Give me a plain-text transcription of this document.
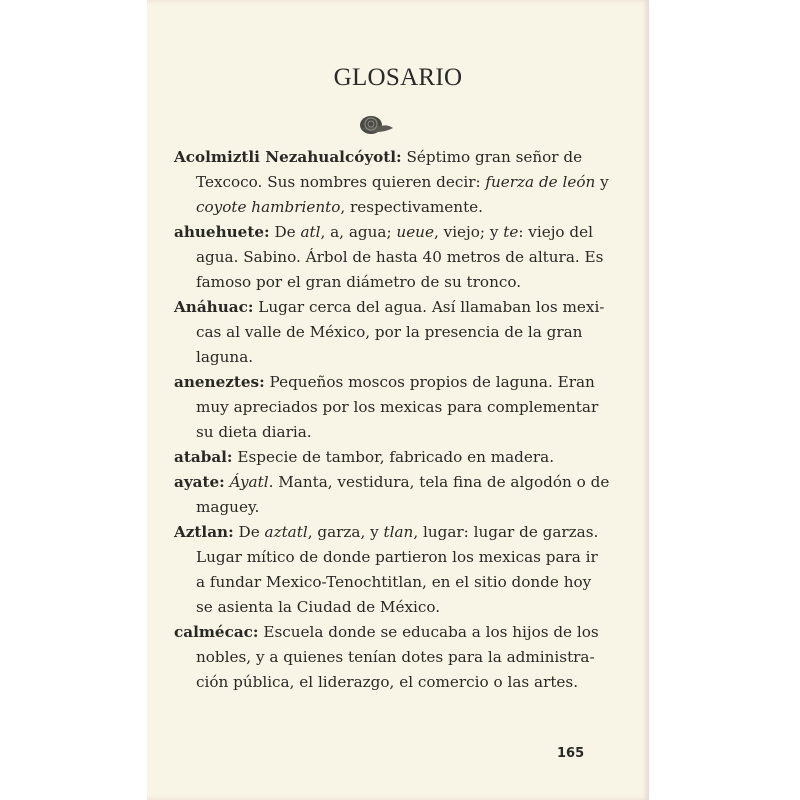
GLOSARIO
Acolmiztli Nezahualcóyotl: Séptimo gran señor de
Texcoco. Sus nombres quieren decir: fuerza de león y
coyote hambriento, respectivamente.
ahuehuete: De atl, a, agua; ueue, viejo; y te: viejo del
agua. Sabino. Árbol de hasta 40 metros de altura. Es
famoso por el gran diámetro de su tronco.
Anáhuac: Lugar cerca del agua. Así llamaban los mexi-
cas al valle de México, por la presencia de la gran
laguna.
aneneztes: Pequeños moscos propios de laguna. Eran
muy apreciados por los mexicas para complementar
su dieta diaria.
atabal: Especie de tambor, fabricado en madera.
ayate: Áyatl. Manta, vestidura, tela fina de algodón o de
maguey.
Aztlan: De aztatl, garza, y tlan, lugar: lugar de garzas.
Lugar mítico de donde partieron los mexicas para ir
a fundar Mexico-Tenochtitlan, en el sitio donde hoy
se asienta la Ciudad de México.
calmécac: Escuela donde se educaba a los hijos de los
nobles, y a quienes tenían dotes para la administra-
ción pública, el liderazgo, el comercio o las artes.
165
